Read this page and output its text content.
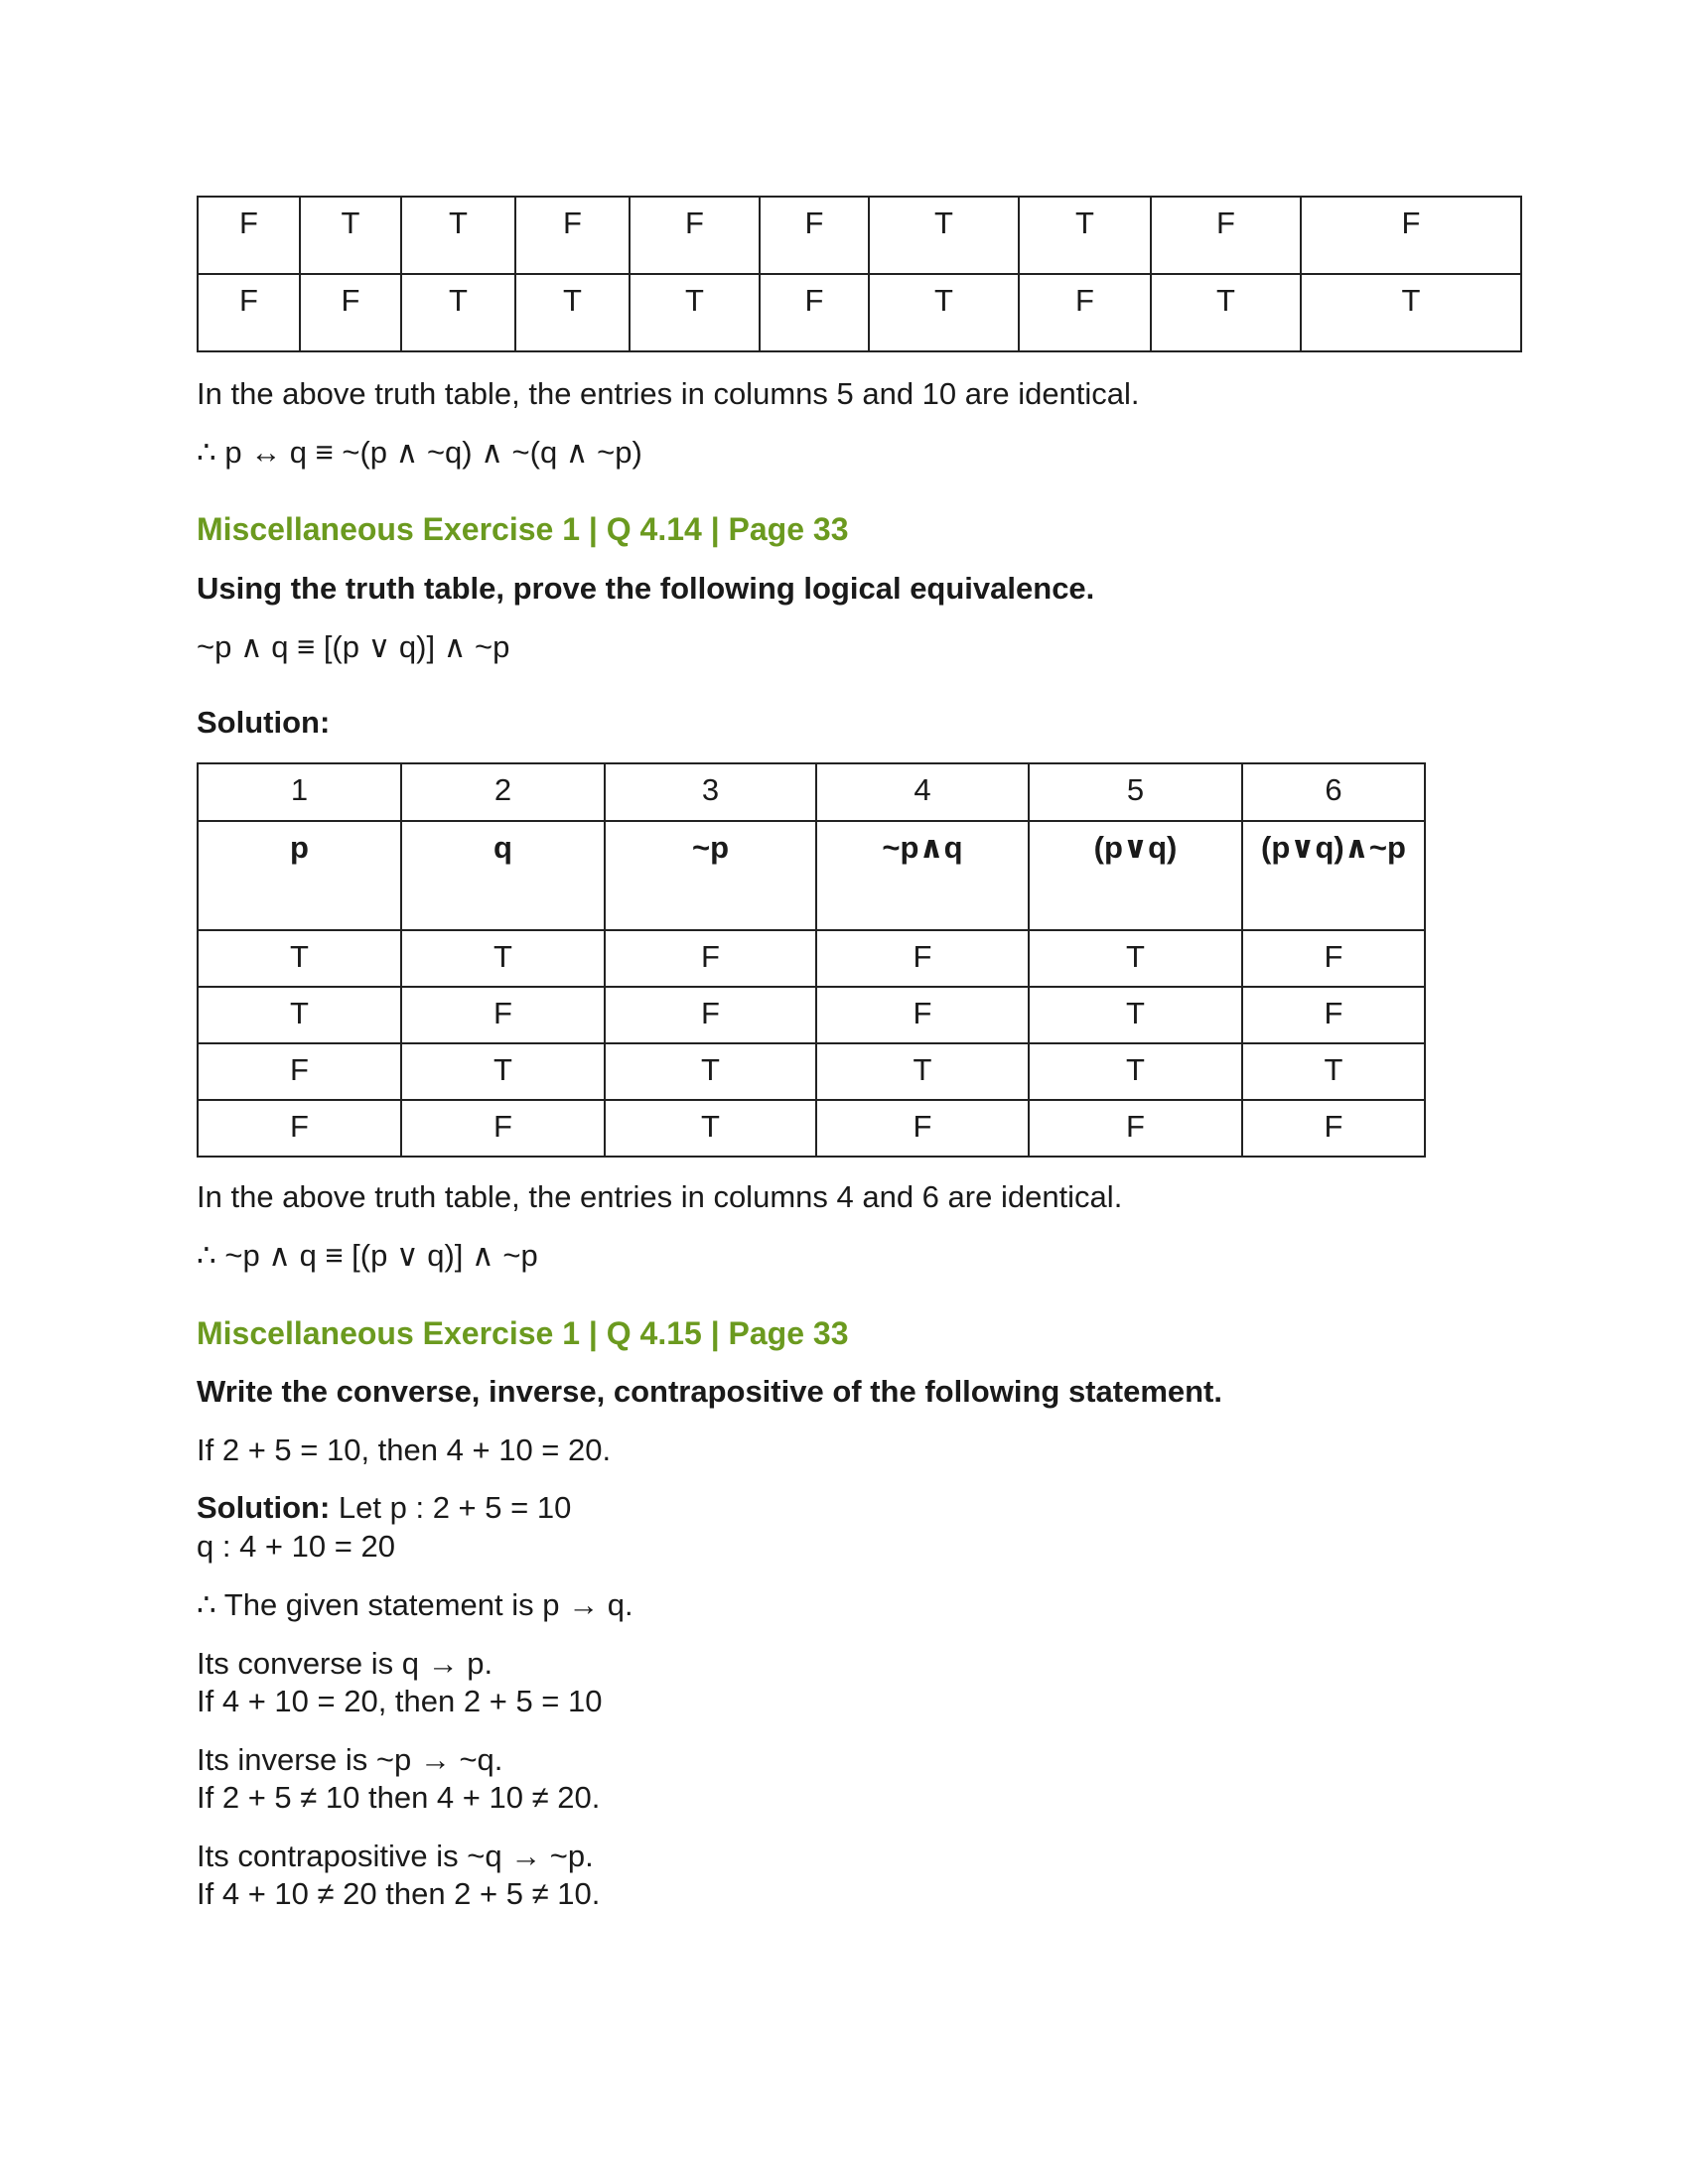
F	T	T	F	F	F	T	T	F	F
F	F	T	T	T	F	T	F	T	T
In the above truth table, the entries in columns 5 and 10 are identical.
∴ p ↔ q ≡ ~(p ∧ ~q) ∧ ~(q ∧ ~p)
Miscellaneous Exercise 1 | Q 4.14 | Page 33
Using the truth table, prove the following logical equivalence.
~p ∧ q ≡ [(p ∨ q)] ∧ ~p
Solution:
1	2	3	4	5	6
p	q	~p	~p∧q	(p∨q)	(p∨q)∧~p
T	T	F	F	T	F
T	F	F	F	T	F
F	T	T	T	T	T
F	F	T	F	F	F
In the above truth table, the entries in columns 4 and 6 are identical.
∴ ~p ∧ q ≡ [(p ∨ q)] ∧ ~p
Miscellaneous Exercise 1 | Q 4.15 | Page 33
Write the converse, inverse, contrapositive of the following statement.
If 2 + 5 = 10, then 4 + 10 = 20.
Solution: Let p : 2 + 5 = 10
q : 4 + 10 = 20
∴ The given statement is p → q.
Its converse is q → p.
If 4 + 10 = 20, then 2 + 5 = 10
Its inverse is ~p → ~q.
If 2 + 5 ≠ 10 then 4 + 10 ≠ 20.
Its contrapositive is ~q → ~p.
If 4 + 10 ≠ 20 then 2 + 5 ≠ 10.
